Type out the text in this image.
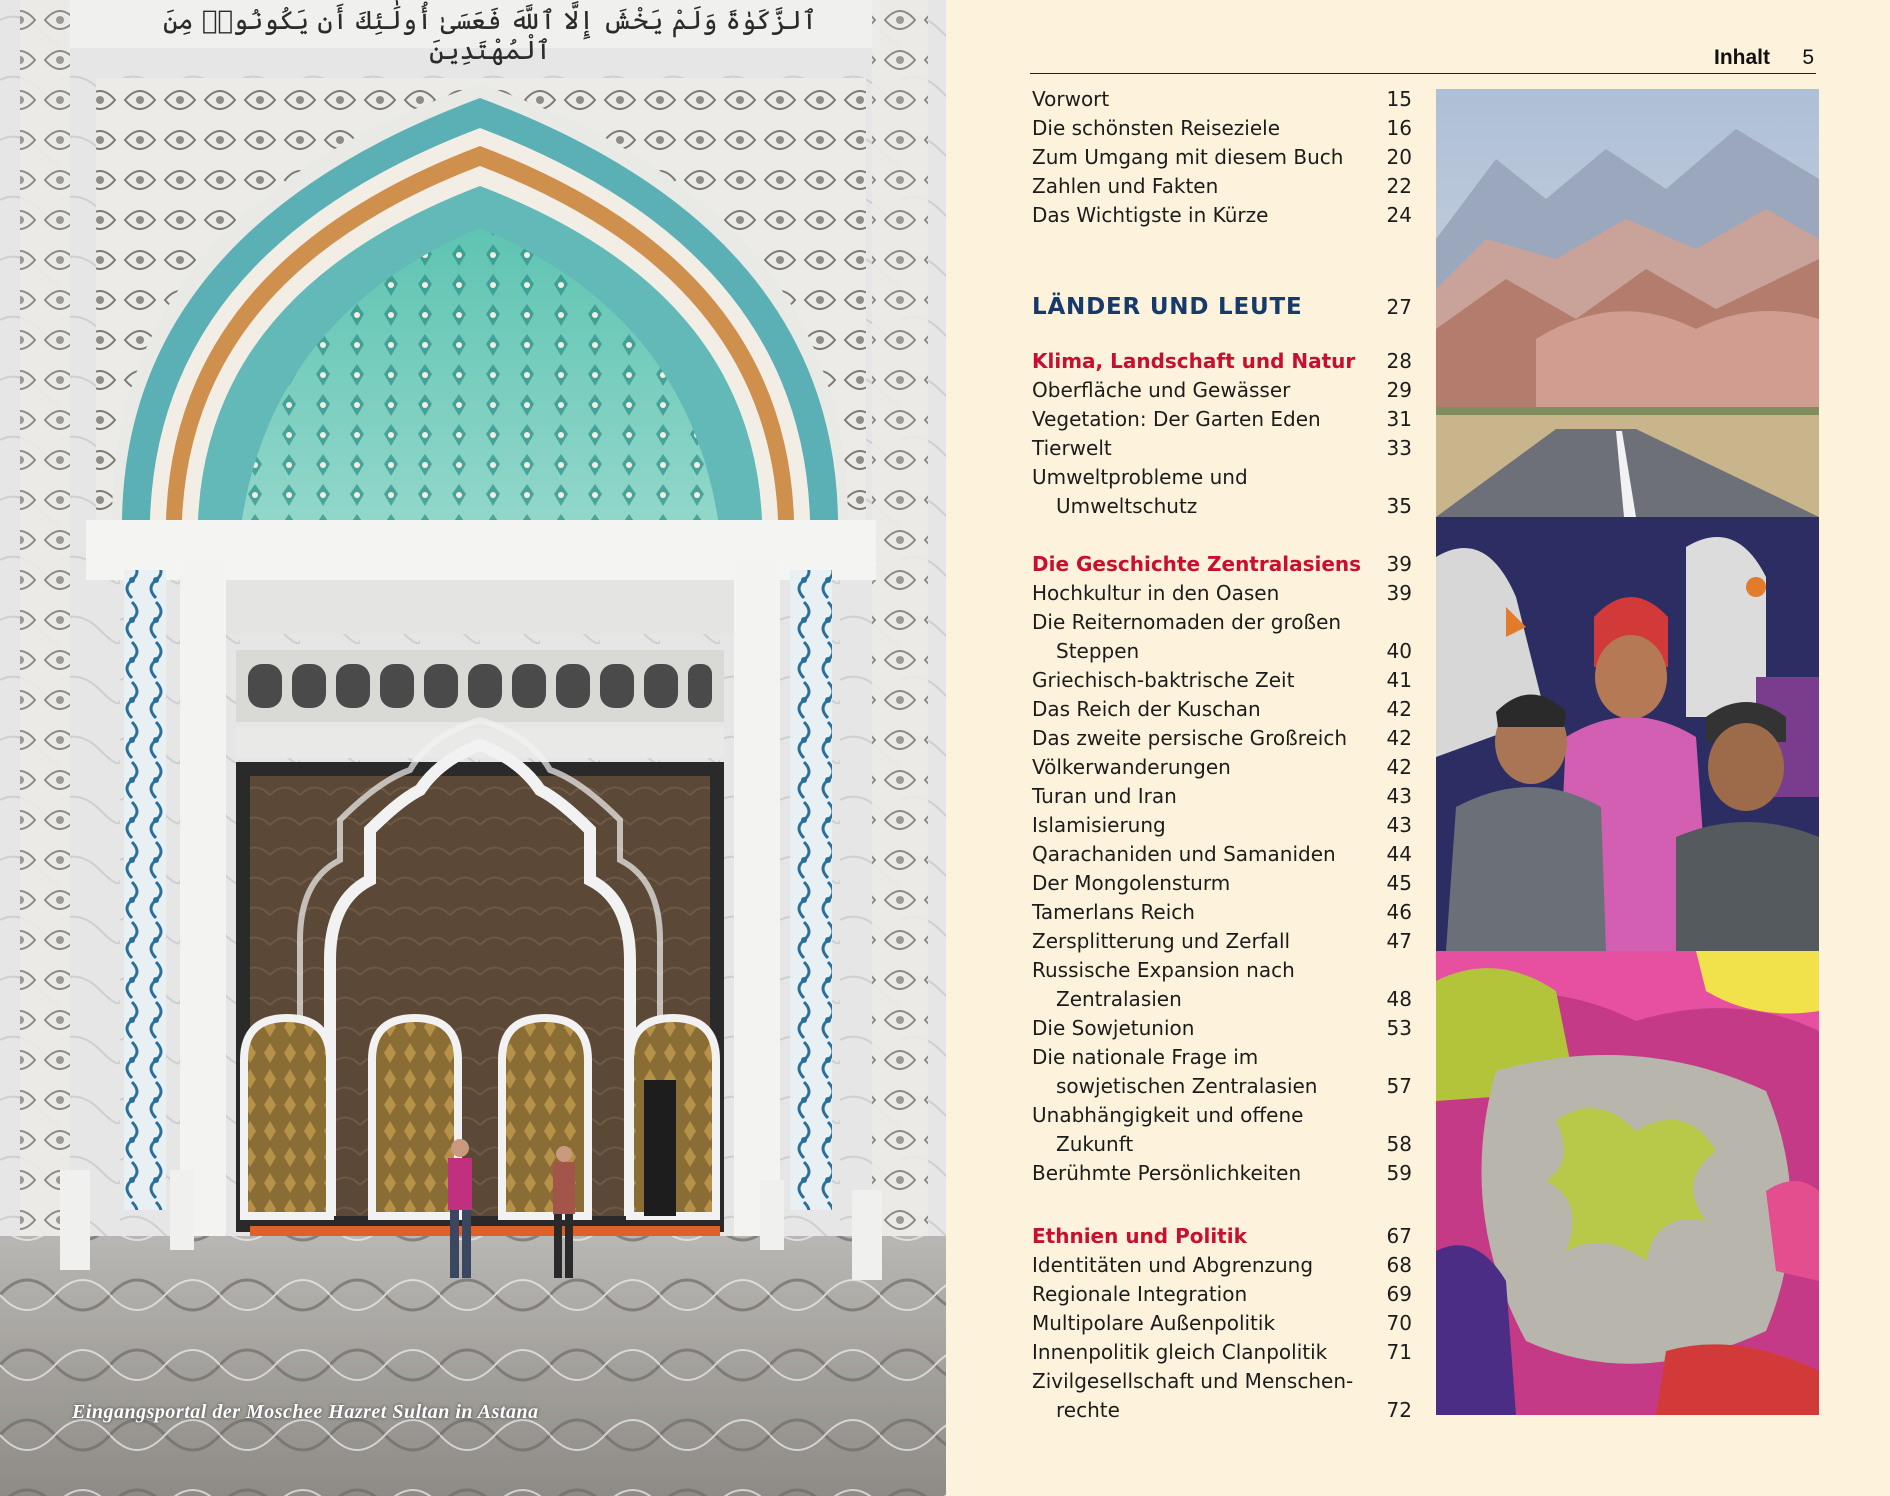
ٱلزَّكَوٰةَ وَلَمْ يَخْشَ إِلَّا ٱللَّهَ فَعَسَىٰ أُولَٰٓئِكَ أَن يَكُونُوا۟ مِنَ ٱلْمُهْتَدِينَ
Eingangsportal der Moschee Hazret Sultan in Astana
Inhalt 5
Vorwort	15
Die schönsten Reiseziele	16
Zum Umgang mit diesem Buch 20
Zahlen und Fakten	22
Das Wichtigste in Kürze	24
LÄNDER UND LEUTE	27
Klima, Landschaft und Natur 28
Oberfläche und Gewässer	29
Vegetation: Der Garten Eden	31
Tierwelt	33
Umweltprobleme und
Umweltschutz	35
Die Geschichte Zentralasiens 39
Hochkultur in den Oasen	39
Die Reiternomaden der großen
Steppen	40
Griechisch-baktrische Zeit	41
Das Reich der Kuschan	42
Das zweite persische Großreich 42
Völkerwanderungen	42
Turan und Iran	43
Islamisierung	43
Qarachaniden und Samaniden	44
Der Mongolensturm	45
Tamerlans Reich	46
Zersplitterung und Zerfall	47
Russische Expansion nach
Zentralasien	48
Die Sowjetunion	53
Die nationale Frage im
sowjetischen Zentralasien	57
Unabhängigkeit und offene
Zukunft	58
Berühmte Persönlichkeiten	59
Ethnien und Politik	67
Identitäten und Abgrenzung	68
Regionale Integration	69
Multipolare Außenpolitik	70
Innenpolitik gleich Clanpolitik	71
Zivilgesellschaft und Menschen-
rechte	72
